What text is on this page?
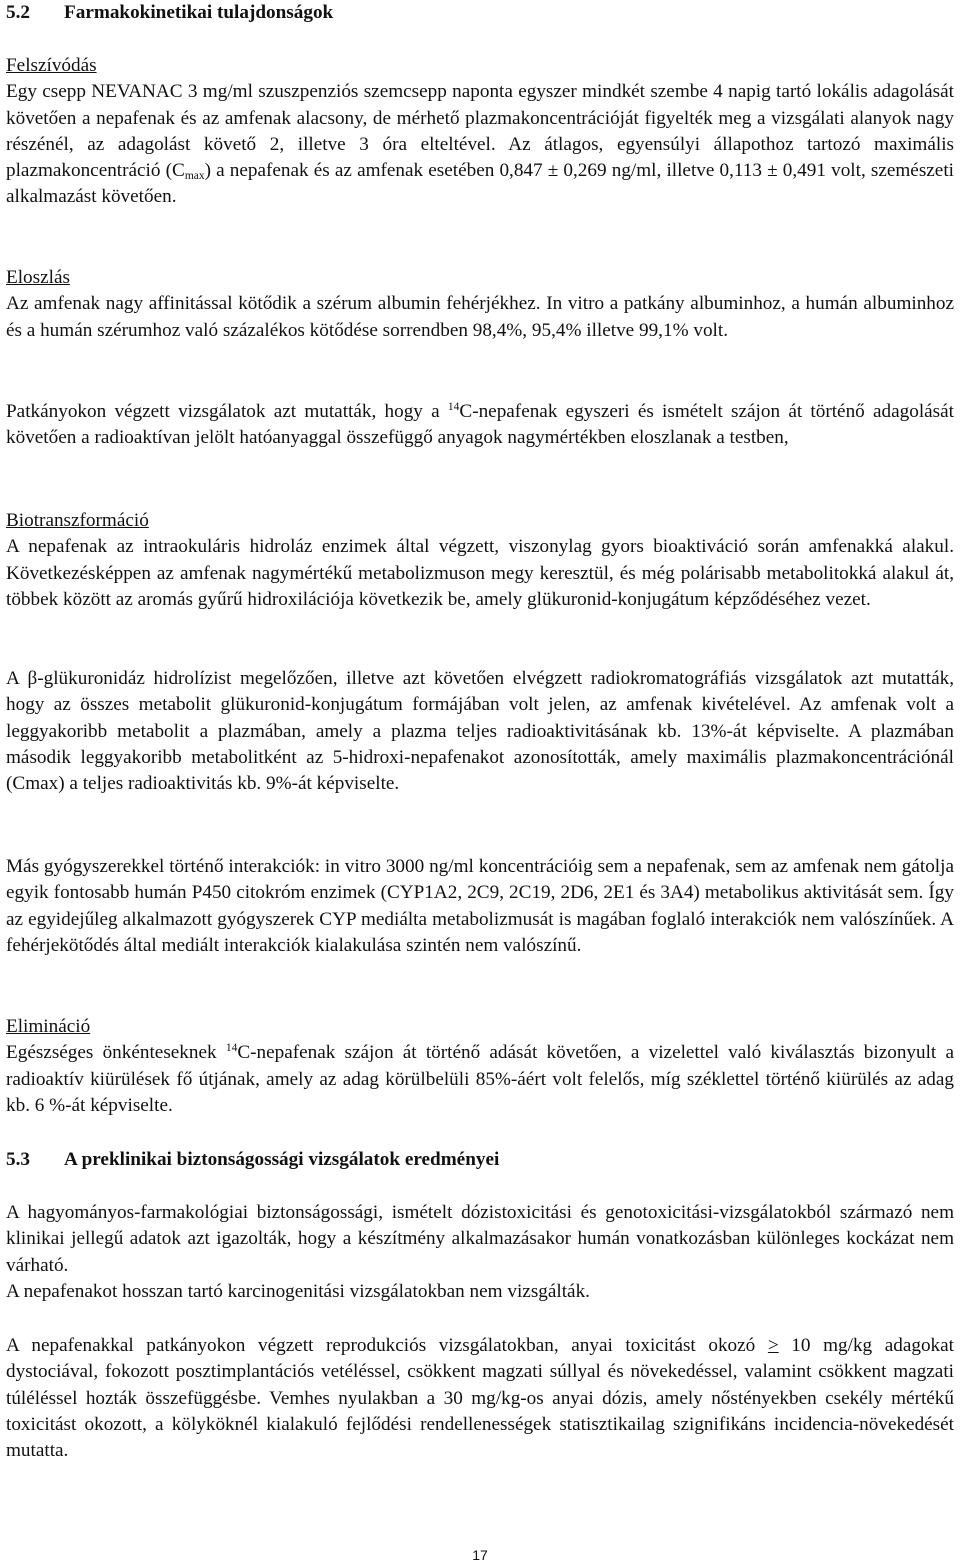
5.2	Farmakokinetikai tulajdonságok
Felszívódás

Egy csepp NEVANAC 3 mg/ml szuszpenziós szemcsepp naponta egyszer mindkét szembe 4 napig tartó lokális adagolását követően a nepafenak és az amfenak alacsony, de mérhető plazmakoncentrációját figyelték meg a vizsgálati alanyok nagy részénél, az adagolást követő 2, illetve 3 óra elteltével. Az átlagos, egyensúlyi állapothoz tartozó maximális plazmakoncentráció $(C_{max})$ a nepafenak és az amfenak esetében 0,847 ± 0,269 ng/ml, illetve 0,113 ± 0,491 volt, szemészeti alkalmazást követően.

Eloszlás

Az amfenak nagy affinitással kötődik a szérum albumin fehérjékhez. In vitro a patkány albuminhoz, a humán albuminhoz és a humán szérumhoz való százalékos kötődése sorrendben 98,4%, 95,4% illetve 99,1% volt.

Patkányokon végzett vizsgálatok azt mutatták, hogy a $^{14}$C-nepafenak egyszeri és ismételt szájon át történő adagolását követően a radioaktívan jelölt hatóanyaggal összefüggő anyagok nagymértékben eloszlanak a testben,

Biotranszformáció

A nepafenak az intraokuláris hidroláz enzimek által végzett, viszonylag gyors bioaktiváció során amfenakká alakul. Következésképpen az amfenak nagymértékű metabolizmuson megy keresztül, és még polárisabb metabolitokká alakul át, többek között az aromás gyűrű hidroxilációja következik be, amely glükuronid-konjugátum képződéséhez vezet.

A β-glükuronidáz hidrolízist megelőzően, illetve azt követően elvégzett radiokromatográfiás vizsgálatok azt mutatták, hogy az összes metabolit glükuronid-konjugátum formájában volt jelen, az amfenak kivételével. Az amfenak volt a leggyakoribb metabolit a plazmában, amely a plazma teljes radioaktivitásának kb. 13%-át képviselte. A plazmában második leggyakoribb metabolitként az 5-hidroxi-nepafenakot azonosították, amely maximális plazmakoncentrációnál (Cmax) a teljes radioaktivitás kb. 9%-át képviselte.

Más gyógyszerekkel történő interakciók: in vitro 3000 ng/ml koncentrációig sem a nepafenak, sem az amfenak nem gátolja egyik fontosabb humán P450 citokróm enzimek (CYP1A2, 2C9, 2C19, 2D6, 2E1 és 3A4) metabolikus aktivitását sem. Így az egyidejűleg alkalmazott gyógyszerek CYP mediálta metabolizmusát is magában foglaló interakciók nem valószínűek. A fehérjekötődés által mediált interakciók kialakulása szintén nem valószínű.

Elimináció

Egészséges önkénteseknek $^{14}$C-nepafenak szájon át történő adását követően, a vizelettel való kiválasztás bizonyult a radioaktív kiürülések fő útjának, amely az adag körülbelüli 85%-áért volt felelős, míg széklettel történő kiürülés az adag kb. 6 %-át képviselte.

5.3	A preklinikai biztonságossági vizsgálatok eredményei

A hagyományos-farmakológiai biztonságossági, ismételt dózistoxicitási és genotoxicitási-vizsgálatokból származó nem klinikai jellegű adatok azt igazolták, hogy a készítmény alkalmazásakor humán vonatkozásban különleges kockázat nem várható.

A nepafenakot hosszan tartó karcinogenitási vizsgálatokban nem vizsgálták.

A nepafenakkal patkányokon végzett reprodukciós vizsgálatokban, anyai toxicitást okozó ≥ 10 mg/kg adagokat dystociával, fokozott posztimplantációs vetéléssel, csökkent magzati súllyal és növekedéssel, valamint csökkent magzati túléléssel hozták összefüggésbe. Vemhes nyulakban a 30 mg/kg-os anyai dózis, amely nőstényekben csekély mértékű toxicitást okozott, a kölyköknél kialakuló fejlődési rendellenességek statisztikailag szignifikáns incidencia-növekedését mutatta.

17
